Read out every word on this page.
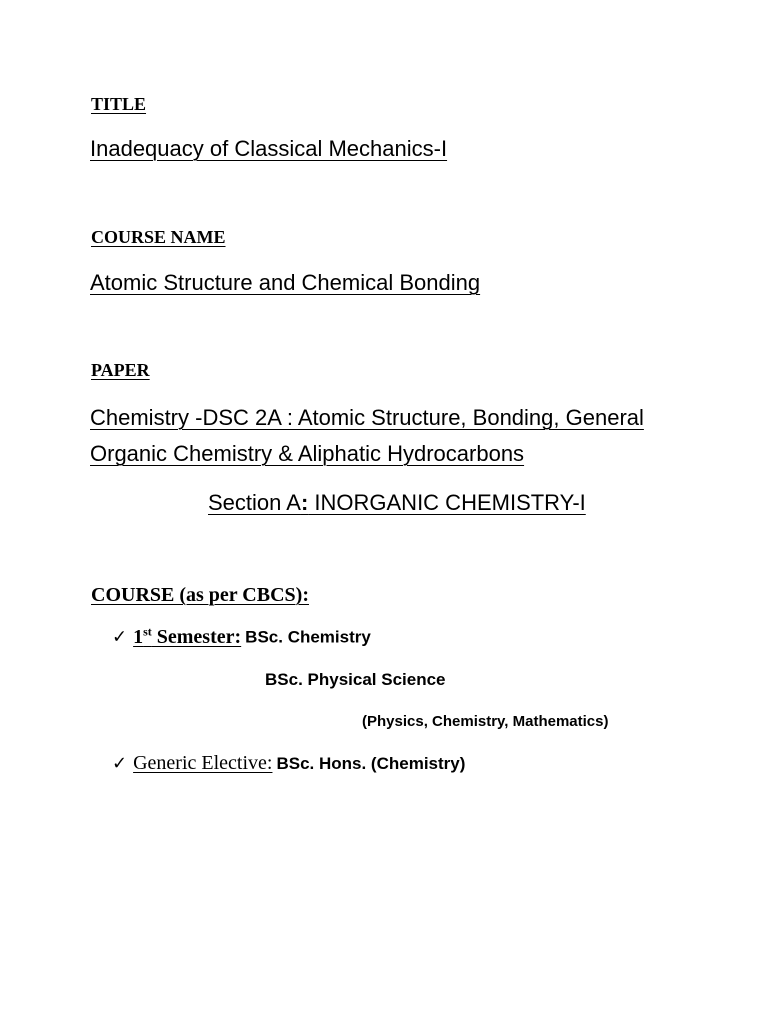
TITLE
Inadequacy of Classical Mechanics-I
COURSE NAME
Atomic Structure and Chemical Bonding
PAPER
Chemistry -DSC 2A : Atomic Structure, Bonding, General
Organic Chemistry & Aliphatic Hydrocarbons
Section A: INORGANIC CHEMISTRY-I
COURSE (as per CBCS):
✓ 1st Semester: BSc. Chemistry
BSc. Physical Science
(Physics, Chemistry, Mathematics)
✓ Generic Elective: BSc. Hons. (Chemistry)
